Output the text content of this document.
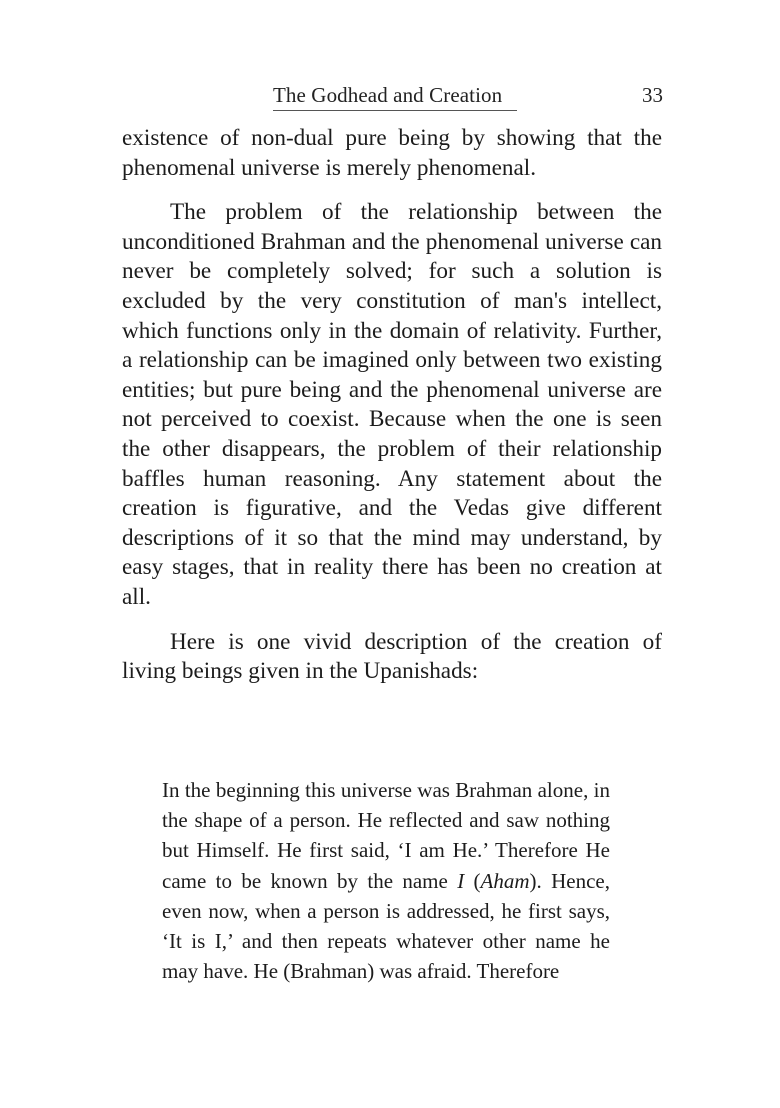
The Godhead and Creation	33

existence of non-dual pure being by showing that the phenomenal universe is merely phenomenal.

The problem of the relationship between the unconditioned Brahman and the phenomenal universe can never be completely solved; for such a solution is excluded by the very constitution of man's intellect, which functions only in the domain of relativity. Further, a relationship can be imagined only between two existing entities; but pure being and the phenomenal universe are not perceived to coexist. Because when the one is seen the other disappears, the problem of their relationship baffles human reasoning. Any statement about the creation is figurative, and the Vedas give different descriptions of it so that the mind may understand, by easy stages, that in reality there has been no creation at all.

Here is one vivid description of the creation of living beings given in the Upanishads:

In the beginning this universe was Brahman alone, in the shape of a person. He reflected and saw nothing but Himself. He first said, ‘I am He.’ Therefore He came to be known by the name I (Aham). Hence, even now, when a person is addressed, he first says, ‘It is I,’ and then repeats whatever other name he may have. He (Brahman) was afraid. Therefore
